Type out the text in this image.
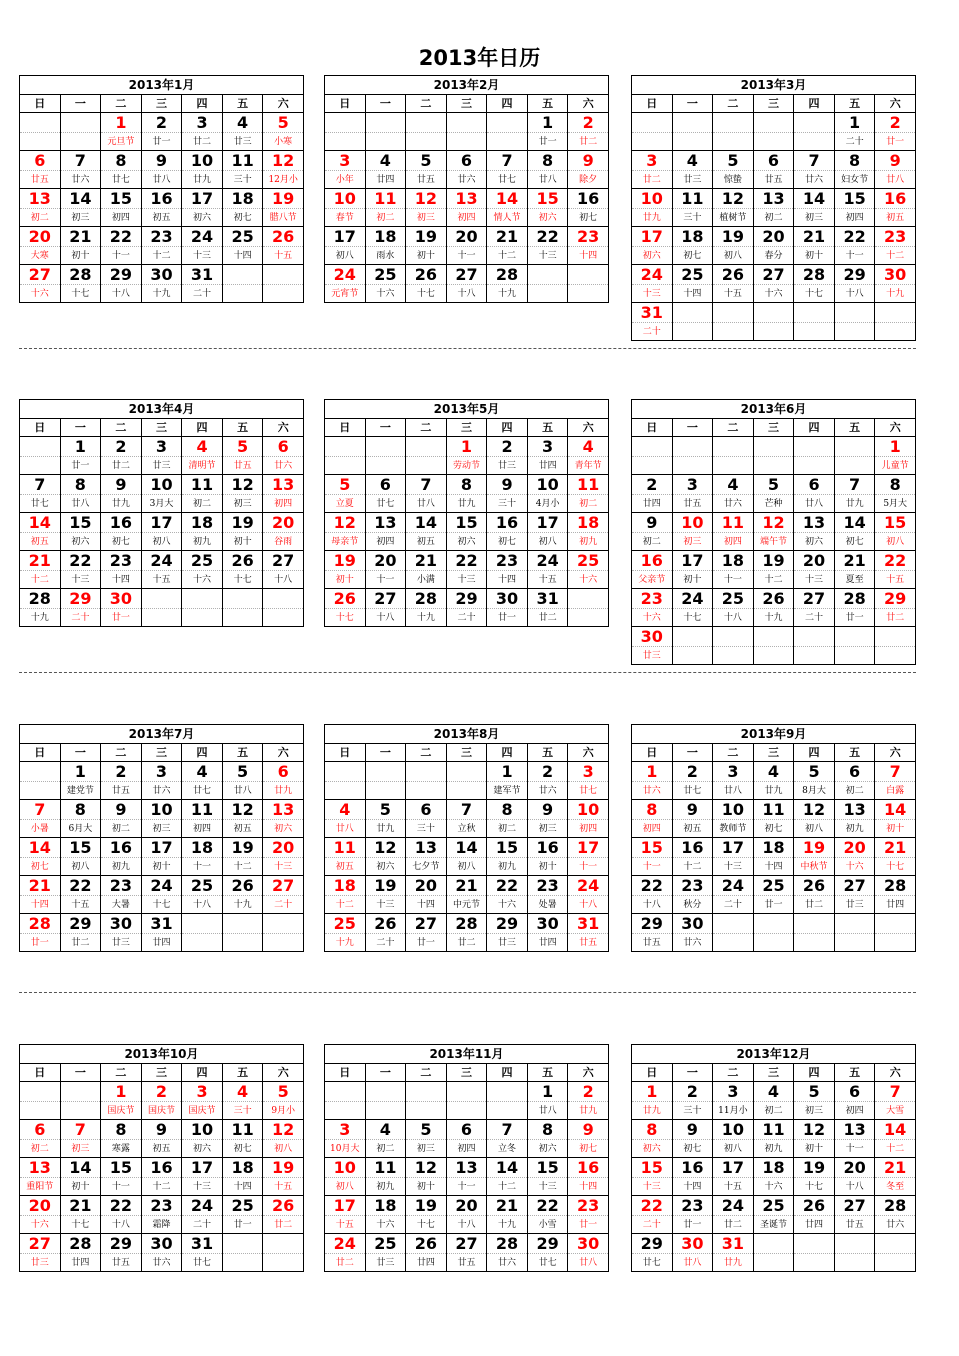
2013年日历
2013年1月						
日	一	二	三	四	五	六
		1	2	3	4	5
		元旦节	廿一	廿二	廿三	小寒
6	7	8	9	10	11	12
廿五	廿六	廿七	廿八	廿九	三十	12月小
13	14	15	16	17	18	19
初二	初三	初四	初五	初六	初七	腊八节
20	21	22	23	24	25	26
大寒	初十	十一	十二	十三	十四	十五
27	28	29	30	31		
十六	十七	十八	十九	二十		
2013年2月						
日	一	二	三	四	五	六
					1	2
					廿一	廿二
3	4	5	6	7	8	9
小年	廿四	廿五	廿六	廿七	廿八	除夕
10	11	12	13	14	15	16
春节	初二	初三	初四	情人节	初六	初七
17	18	19	20	21	22	23
初八	雨水	初十	十一	十二	十三	十四
24	25	26	27	28		
元宵节	十六	十七	十八	十九		
2013年3月						
日	一	二	三	四	五	六
					1	2
					二十	廿一
3	4	5	6	7	8	9
廿二	廿三	惊蛰	廿五	廿六	妇女节	廿八
10	11	12	13	14	15	16
廿九	三十	植树节	初二	初三	初四	初五
17	18	19	20	21	22	23
初六	初七	初八	春分	初十	十一	十二
24	25	26	27	28	29	30
十三	十四	十五	十六	十七	十八	十九
31						
二十						
2013年4月						
日	一	二	三	四	五	六
	1	2	3	4	5	6
	廿一	廿二	廿三	清明节	廿五	廿六
7	8	9	10	11	12	13
廿七	廿八	廿九	3月大	初二	初三	初四
14	15	16	17	18	19	20
初五	初六	初七	初八	初九	初十	谷雨
21	22	23	24	25	26	27
十二	十三	十四	十五	十六	十七	十八
28	29	30				
十九	二十	廿一				
2013年5月						
日	一	二	三	四	五	六
			1	2	3	4
			劳动节	廿三	廿四	青年节
5	6	7	8	9	10	11
立夏	廿七	廿八	廿九	三十	4月小	初二
12	13	14	15	16	17	18
母亲节	初四	初五	初六	初七	初八	初九
19	20	21	22	23	24	25
初十	十一	小满	十三	十四	十五	十六
26	27	28	29	30	31	
十七	十八	十九	二十	廿一	廿二	
2013年6月						
日	一	二	三	四	五	六
						1
						儿童节
2	3	4	5	6	7	8
廿四	廿五	廿六	芒种	廿八	廿九	5月大
9	10	11	12	13	14	15
初二	初三	初四	端午节	初六	初七	初八
16	17	18	19	20	21	22
父亲节	初十	十一	十二	十三	夏至	十五
23	24	25	26	27	28	29
十六	十七	十八	十九	二十	廿一	廿二
30						
廿三						
2013年7月						
日	一	二	三	四	五	六
	1	2	3	4	5	6
	建党节	廿五	廿六	廿七	廿八	廿九
7	8	9	10	11	12	13
小暑	6月大	初二	初三	初四	初五	初六
14	15	16	17	18	19	20
初七	初八	初九	初十	十一	十二	十三
21	22	23	24	25	26	27
十四	十五	大暑	十七	十八	十九	二十
28	29	30	31			
廿一	廿二	廿三	廿四			
2013年8月						
日	一	二	三	四	五	六
				1	2	3
				建军节	廿六	廿七
4	5	6	7	8	9	10
廿八	廿九	三十	立秋	初二	初三	初四
11	12	13	14	15	16	17
初五	初六	七夕节	初八	初九	初十	十一
18	19	20	21	22	23	24
十二	十三	十四	中元节	十六	处暑	十八
25	26	27	28	29	30	31
十九	二十	廿一	廿二	廿三	廿四	廿五
2013年9月						
日	一	二	三	四	五	六
1	2	3	4	5	6	7
廿六	廿七	廿八	廿九	8月大	初二	白露
8	9	10	11	12	13	14
初四	初五	教师节	初七	初八	初九	初十
15	16	17	18	19	20	21
十一	十二	十三	十四	中秋节	十六	十七
22	23	24	25	26	27	28
十八	秋分	二十	廿一	廿二	廿三	廿四
29	30					
廿五	廿六					
2013年10月						
日	一	二	三	四	五	六
		1	2	3	4	5
		国庆节	国庆节	国庆节	三十	9月小
6	7	8	9	10	11	12
初二	初三	寒露	初五	初六	初七	初八
13	14	15	16	17	18	19
重阳节	初十	十一	十二	十三	十四	十五
20	21	22	23	24	25	26
十六	十七	十八	霜降	二十	廿一	廿二
27	28	29	30	31		
廿三	廿四	廿五	廿六	廿七		
2013年11月						
日	一	二	三	四	五	六
					1	2
					廿八	廿九
3	4	5	6	7	8	9
10月大	初二	初三	初四	立冬	初六	初七
10	11	12	13	14	15	16
初八	初九	初十	十一	十二	十三	十四
17	18	19	20	21	22	23
十五	十六	十七	十八	十九	小雪	廿一
24	25	26	27	28	29	30
廿二	廿三	廿四	廿五	廿六	廿七	廿八
2013年12月						
日	一	二	三	四	五	六
1	2	3	4	5	6	7
廿九	三十	11月小	初二	初三	初四	大雪
8	9	10	11	12	13	14
初六	初七	初八	初九	初十	十一	十二
15	16	17	18	19	20	21
十三	十四	十五	十六	十七	十八	冬至
22	23	24	25	26	27	28
二十	廿一	廿二	圣诞节	廿四	廿五	廿六
29	30	31				
廿七	廿八	廿九				
